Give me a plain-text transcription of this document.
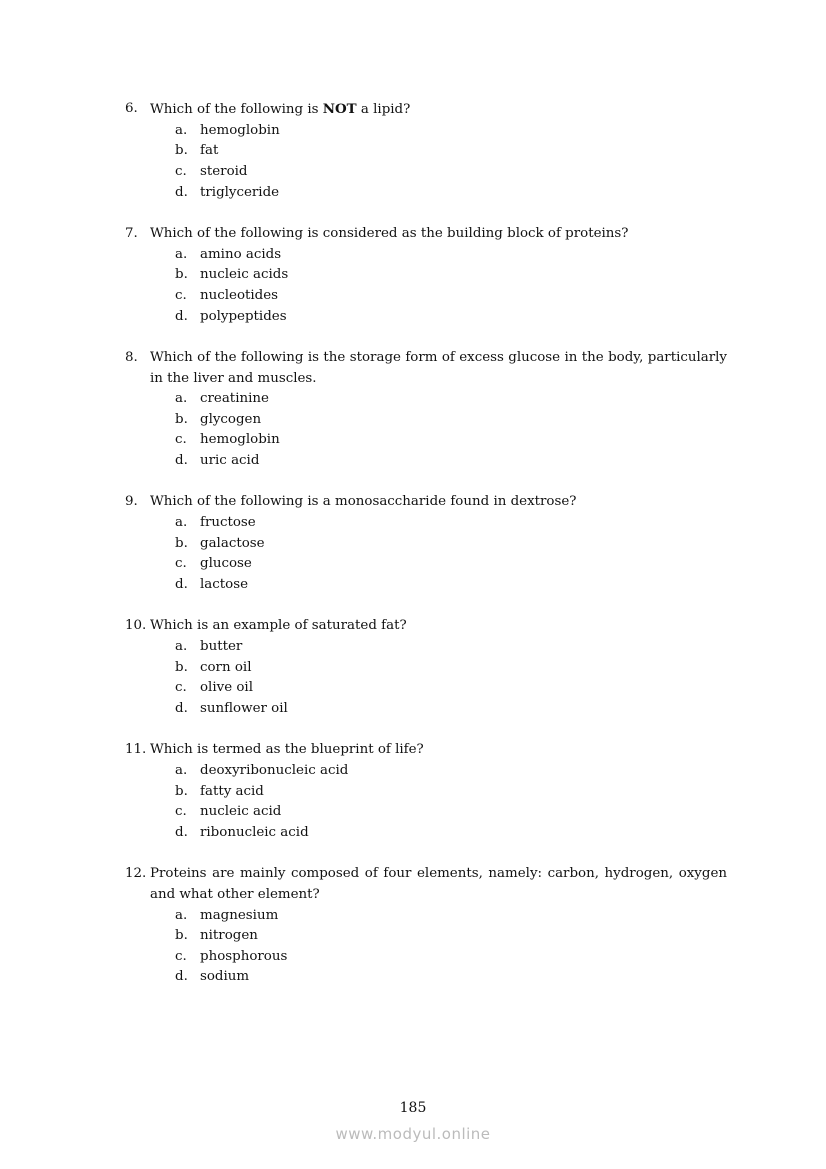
6. Which of the following is NOT a lipid?
a. hemoglobin
b. fat
c. steroid
d. triglyceride
7. Which of the following is considered as the building block of proteins?
a. amino acids
b. nucleic acids
c. nucleotides
d. polypeptides
8. Which of the following is the storage form of excess glucose in the body, particularly in the liver and muscles.
a. creatinine
b. glycogen
c. hemoglobin
d. uric acid
9. Which of the following is a monosaccharide found in dextrose?
a. fructose
b. galactose
c. glucose
d. lactose
10. Which is an example of saturated fat?
a. butter
b. corn oil
c. olive oil
d. sunflower oil
11. Which is termed as the blueprint of life?
a. deoxyribonucleic acid
b. fatty acid
c. nucleic acid
d. ribonucleic acid
12. Proteins are mainly composed of four elements, namely: carbon, hydrogen, oxygen and what other element?
a. magnesium
b. nitrogen
c. phosphorous
d. sodium
185
www.modyul.online
